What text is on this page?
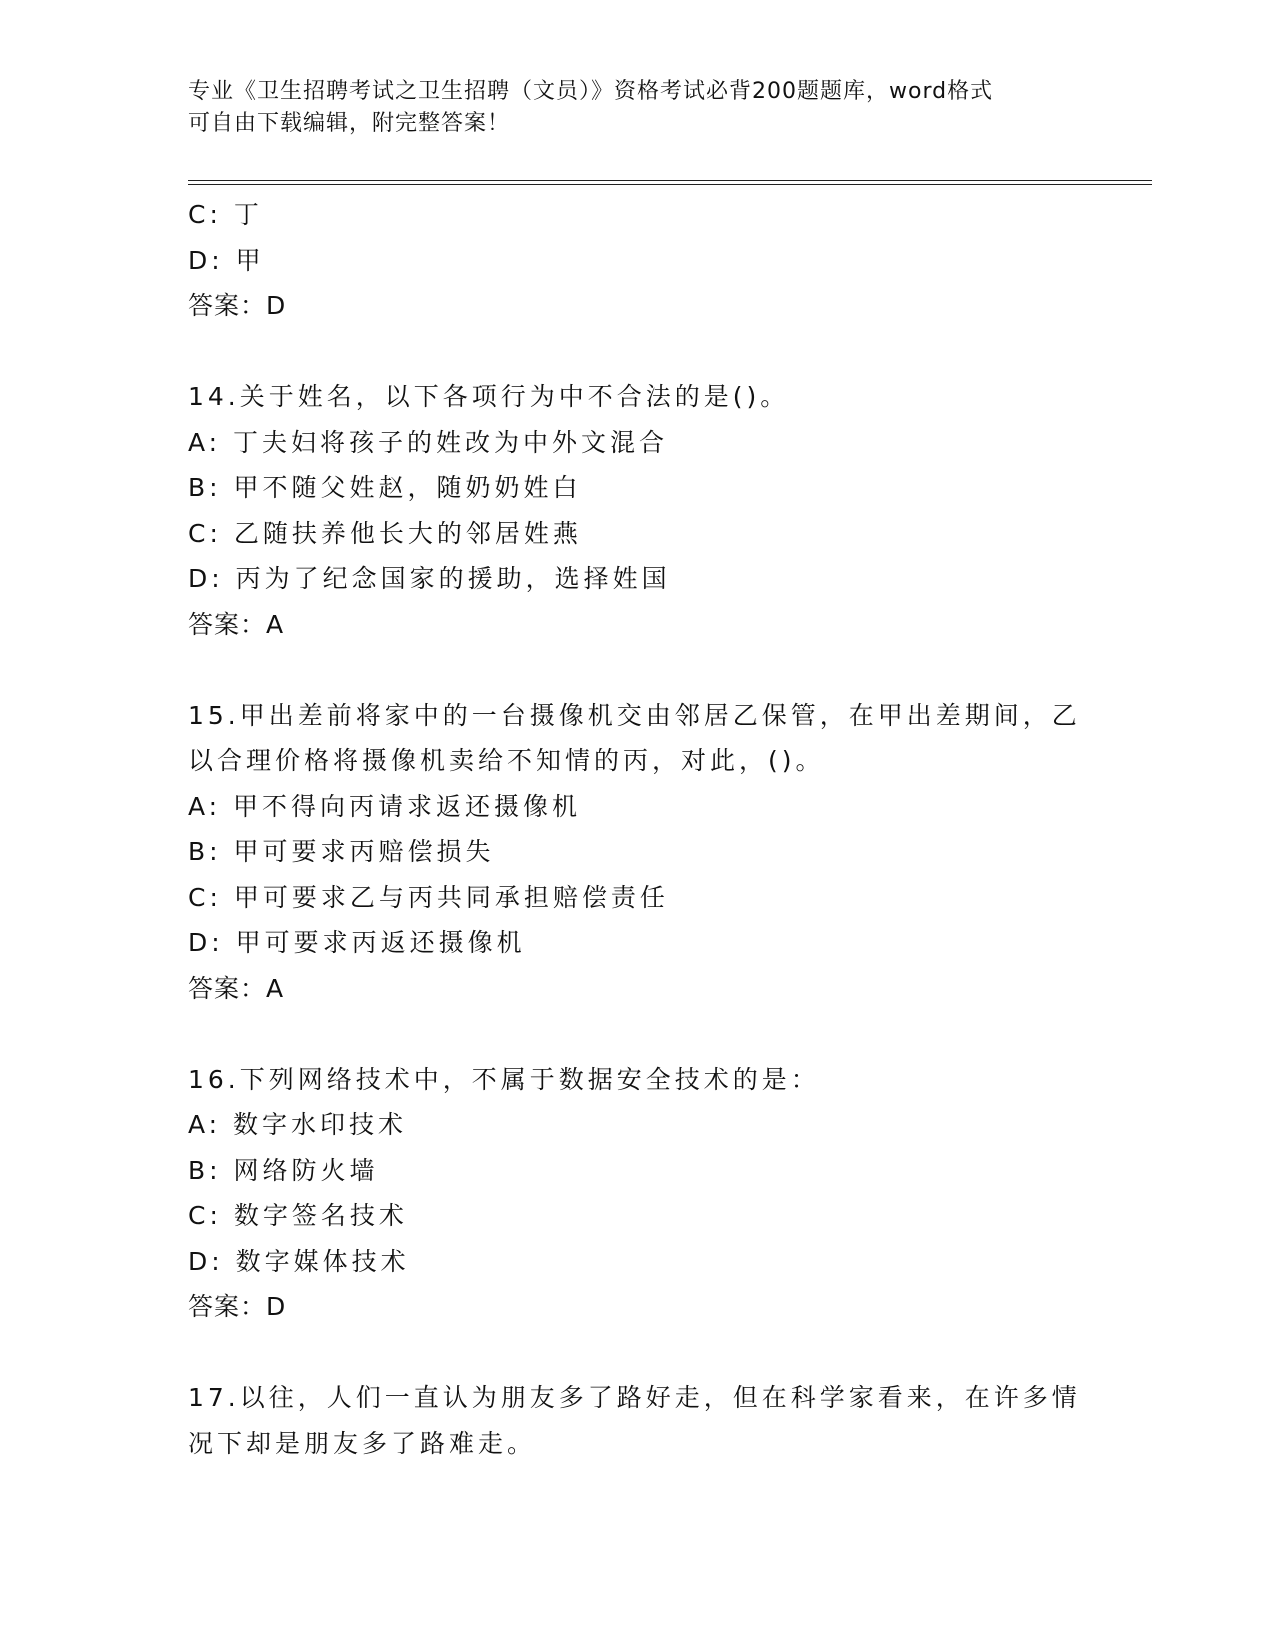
专业《卫生招聘考试之卫生招聘（文员）》资格考试必背200题题库，word格式
可自由下载编辑，附完整答案！
C: 丁
D: 甲
答案：D
14.关于姓名，以下各项行为中不合法的是()。
A: 丁夫妇将孩子的姓改为中外文混合
B: 甲不随父姓赵，随奶奶姓白
C: 乙随扶养他长大的邻居姓燕
D: 丙为了纪念国家的援助，选择姓国
答案：A
15.甲出差前将家中的一台摄像机交由邻居乙保管，在甲出差期间，乙
以合理价格将摄像机卖给不知情的丙，对此，()。
A: 甲不得向丙请求返还摄像机
B: 甲可要求丙赔偿损失
C: 甲可要求乙与丙共同承担赔偿责任
D: 甲可要求丙返还摄像机
答案：A
16.下列网络技术中，不属于数据安全技术的是：
A: 数字水印技术
B: 网络防火墙
C: 数字签名技术
D: 数字媒体技术
答案：D
17.以往，人们一直认为朋友多了路好走，但在科学家看来，在许多情
况下却是朋友多了路难走。
